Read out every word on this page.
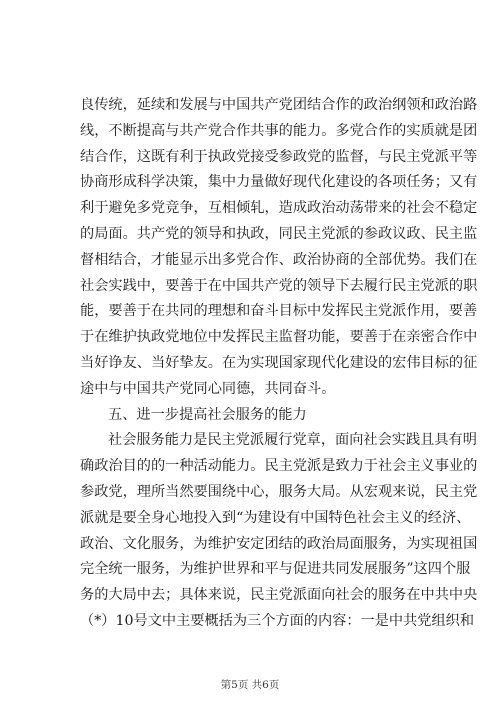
良传统，延续和发展与中国共产党团结合作的政治纲领和政治路
线，不断提高与共产党合作共事的能力。多党合作的实质就是团
结合作，这既有利于执政党接受参政党的监督，与民主党派平等
协商形成科学决策，集中力量做好现代化建设的各项任务；又有
利于避免多党竞争，互相倾轧，造成政治动荡带来的社会不稳定
的局面。共产党的领导和执政，同民主党派的参政议政、民主监
督相结合，才能显示出多党合作、政治协商的全部优势。我们在
社会实践中，要善于在中国共产党的领导下去履行民主党派的职
能，要善于在共同的理想和奋斗目标中发挥民主党派作用，要善
于在维护执政党地位中发挥民主监督功能，要善于在亲密合作中
当好诤友、当好挚友。在为实现国家现代化建设的宏伟目标的征
途中与中国共产党同心同德，共同奋斗。
五、进一步提高社会服务的能力
社会服务能力是民主党派履行党章，面向社会实践且具有明
确政治目的的一种活动能力。民主党派是致力于社会主义事业的
参政党，理所当然要围绕中心，服务大局。从宏观来说，民主党
派就是要全身心地投入到“为建设有中国特色社会主义的经济、
政治、文化服务，为维护安定团结的政治局面服务，为实现祖国
完全统一服务，为维护世界和平与促进共同发展服务”这四个服
务的大局中去；具体来说，民主党派面向社会的服务在中共中央
（*）10号文中主要概括为三个方面的内容：一是中共党组织和
第5页 共6页
